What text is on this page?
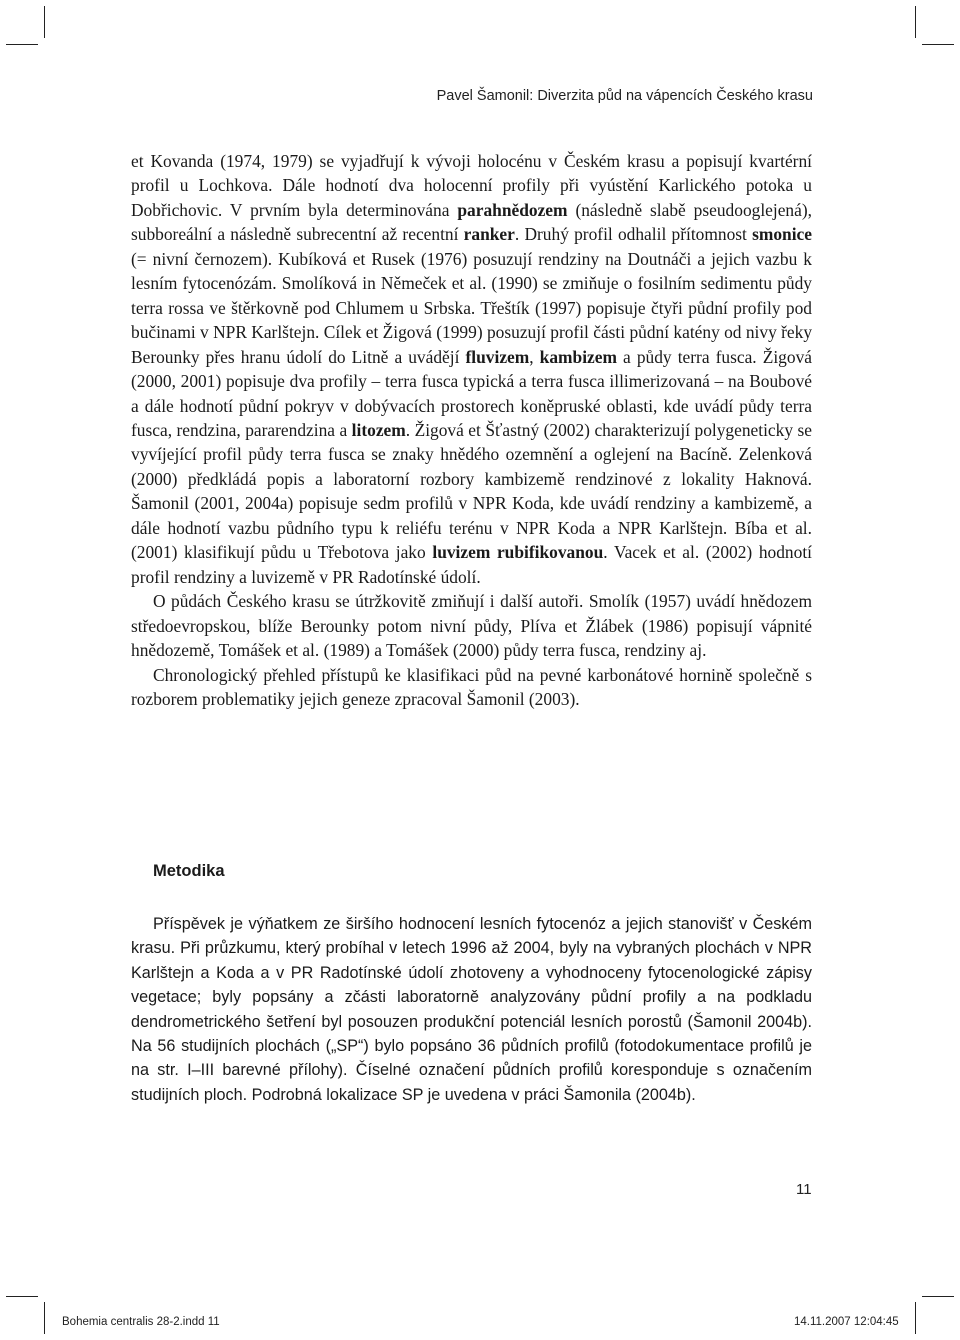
Pavel Šamonil: Diverzita půd na vápencích Českého krasu

et Kovanda (1974, 1979) se vyjadřují k vývoji holocénu v Českém krasu a popisují kvartérní profil u Lochkova. Dále hodnotí dva holocenní profily při vyústění Karlického potoka u Dobřichovic. V prvním byla determinována parahnědozem (následně slabě pseudooglejená), subboreální a následně subrecentní až recentní ranker. Druhý profil odhalil přítomnost smonice (= nivní černozem). Kubíková et Rusek (1976) posuzují rendziny na Doutnáči a jejich vazbu k lesním fytocenózám. Smolíková in Němeček et al. (1990) se zmiňuje o fosilním sedimentu půdy terra rossa ve štěrkovně pod Chlumem u Srbska. Třeštík (1997) popisuje čtyři půdní profily pod bučinami v NPR Karlštejn. Cílek et Žigová (1999) posuzují profil části půdní katény od nivy řeky Berounky přes hranu údolí do Litně a uvádějí fluvizem, kambizem a půdy terra fusca. Žigová (2000, 2001) popisuje dva profily – terra fusca typická a terra fusca illimerizovaná – na Boubové a dále hodnotí půdní pokryv v dobývacích prostorech koněpruské oblasti, kde uvádí půdy terra fusca, rendzina, pararendzina a litozem. Žigová et Šťastný (2002) charakterizují polygeneticky se vyvíjející profil půdy terra fusca se znaky hnědého ozemnění a oglejení na Bacíně. Zelenková (2000) předkládá popis a laboratorní rozbory kambizemě rendzinové z lokality Haknová. Šamonil (2001, 2004a) popisuje sedm profilů v NPR Koda, kde uvádí rendziny a kambizemě, a dále hodnotí vazbu půdního typu k reliéfu terénu v NPR Koda a NPR Karlštejn. Bíba et al. (2001) klasifikují půdu u Třebotova jako luvizem rubifikovanou. Vacek et al. (2002) hodnotí profil rendziny a luvizemě v PR Radotínské údolí.

O půdách Českého krasu se útržkovitě zmiňují i další autoři. Smolík (1957) uvádí hnědozem středoevropskou, blíže Berounky potom nivní půdy, Plíva et Žlábek (1986) popisují vápnité hnědozemě, Tomášek et al. (1989) a Tomášek (2000) půdy terra fusca, rendziny aj.

Chronologický přehled přístupů ke klasifikaci půd na pevné karbonátové hornině společně s rozborem problematiky jejich geneze zpracoval Šamonil (2003).

Metodika

Příspěvek je výňatkem ze širšího hodnocení lesních fytocenóz a jejich stanovišť v Českém krasu. Při průzkumu, který probíhal v letech 1996 až 2004, byly na vybraných plochách v NPR Karlštejn a Koda a v PR Radotínské údolí zhotoveny a vyhodnoceny fytocenologické zápisy vegetace; byly popsány a zčásti laboratorně analyzovány půdní profily a na podkladu dendrometrického šetření byl posouzen produkční potenciál lesních porostů (Šamonil 2004b). Na 56 studijních plochách („SP“) bylo popsáno 36 půdních profilů (fotodokumentace profilů je na str. I–III barevné přílohy). Číselné označení půdních profilů koresponduje s označením studijních ploch. Podrobná lokalizace SP je uvedena v práci Šamonila (2004b).

11
Bohemia centralis 28-2.indd 11	14.11.2007 12:04:45
